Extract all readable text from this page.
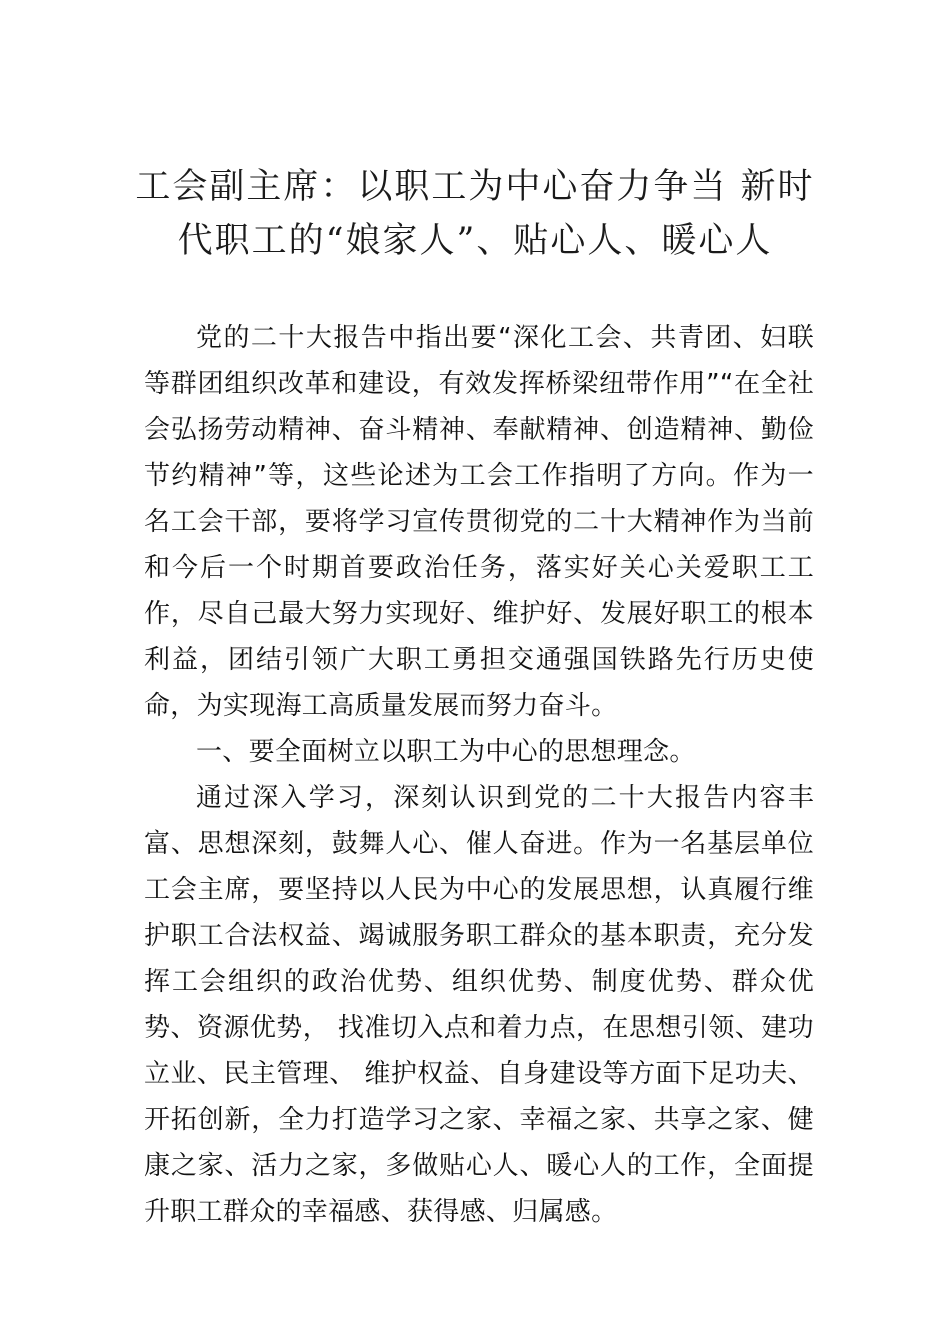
工会副主席：以职工为中心奋力争当 新时
代职工的“娘家人”、贴心人、暖心人

党的二十大报告中指出要“深化工会、共青团、妇联等群团组织改革和建设，有效发挥桥梁纽带作用”“在全社会弘扬劳动精神、奋斗精神、奉献精神、创造精神、勤俭节约精神”等，这些论述为工会工作指明了方向。作为一名工会干部，要将学习宣传贯彻党的二十大精神作为当前和今后一个时期首要政治任务，落实好关心关爱职工工作，尽自己最大努力实现好、维护好、发展好职工的根本利益，团结引领广大职工勇担交通强国铁路先行历史使命，为实现海工高质量发展而努力奋斗。

一、要全面树立以职工为中心的思想理念。

通过深入学习，深刻认识到党的二十大报告内容丰富、思想深刻，鼓舞人心、催人奋进。作为一名基层单位工会主席，要坚持以人民为中心的发展思想，认真履行维护职工合法权益、竭诚服务职工群众的基本职责，充分发挥工会组织的政治优势、组织优势、制度优势、群众优势、资源优势， 找准切入点和着力点，在思想引领、建功立业、民主管理、 维护权益、自身建设等方面下足功夫、开拓创新，全力打造学习之家、幸福之家、共享之家、健康之家、活力之家，多做贴心人、暖心人的工作，全面提升职工群众的幸福感、获得感、归属感。
